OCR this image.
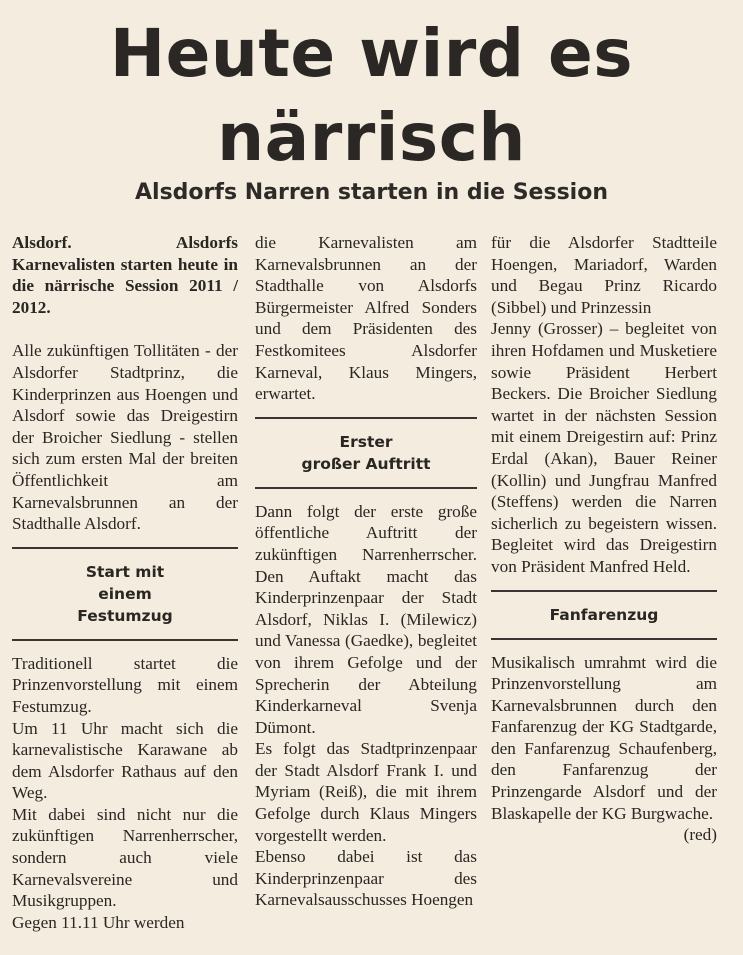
Heute wird es
närrisch
Alsdorfs Narren starten in die Session

Alsdorf. Alsdorfs Karnevalisten starten heute in die närrische Session 2011 / 2012.

Alle zukünftigen Tollitäten - der Alsdorfer Stadtprinz, die Kinderprinzen aus Hoengen und Alsdorf sowie das Dreigestirn der Broicher Siedlung - stellen sich zum ersten Mal der breiten Öffentlichkeit am Karnevalsbrunnen an der Stadthalle Alsdorf.

Start mit
einem
Festumzug

Traditionell startet die Prinzenvorstellung mit einem Festumzug.

Um 11 Uhr macht sich die karnevalistische Karawane ab dem Alsdorfer Rathaus auf den Weg.

Mit dabei sind nicht nur die zukünftigen Narrenherrscher, sondern auch viele Karnevalsvereine und Musikgruppen.

Gegen 11.11 Uhr werden

die Karnevalisten am Karnevalsbrunnen an der Stadthalle von Alsdorfs Bürgermeister Alfred Sonders und dem Präsidenten des Festkomitees Alsdorfer Karneval, Klaus Mingers, erwartet.

Erster
großer Auftritt

Dann folgt der erste große öffentliche Auftritt der zukünftigen Narrenherrscher. Den Auftakt macht das Kinderprinzenpaar der Stadt Alsdorf, Niklas I. (Milewicz) und Vanessa (Gaedke), begleitet von ihrem Gefolge und der Sprecherin der Abteilung Kinderkarneval Svenja Dümont.

Es folgt das Stadtprinzenpaar der Stadt Alsdorf Frank I. und Myriam (Reiß), die mit ihrem Gefolge durch Klaus Mingers vorgestellt werden.

Ebenso dabei ist das Kinderprinzenpaar des Karnevalsausschusses Hoengen

für die Alsdorfer Stadtteile Hoengen, Mariadorf, Warden und Begau Prinz Ricardo (Sibbel) und Prinzessin

Jenny (Grosser) – begleitet von ihren Hofdamen und Musketiere sowie Präsident Herbert Beckers. Die Broicher Siedlung wartet in der nächsten Session mit einem Dreigestirn auf: Prinz Erdal (Akan), Bauer Reiner (Kollin) und Jungfrau Manfred (Steffens) werden die Narren sicherlich zu begeistern wissen. Begleitet wird das Dreigestirn von Präsident Manfred Held.

Fanfarenzug

Musikalisch umrahmt wird die Prinzenvorstellung am Karnevalsbrunnen durch den Fanfarenzug der KG Stadtgarde, den Fanfarenzug Schaufenberg, den Fanfarenzug der Prinzengarde Alsdorf und der Blaskapelle der KG Burgwache.

(red)
